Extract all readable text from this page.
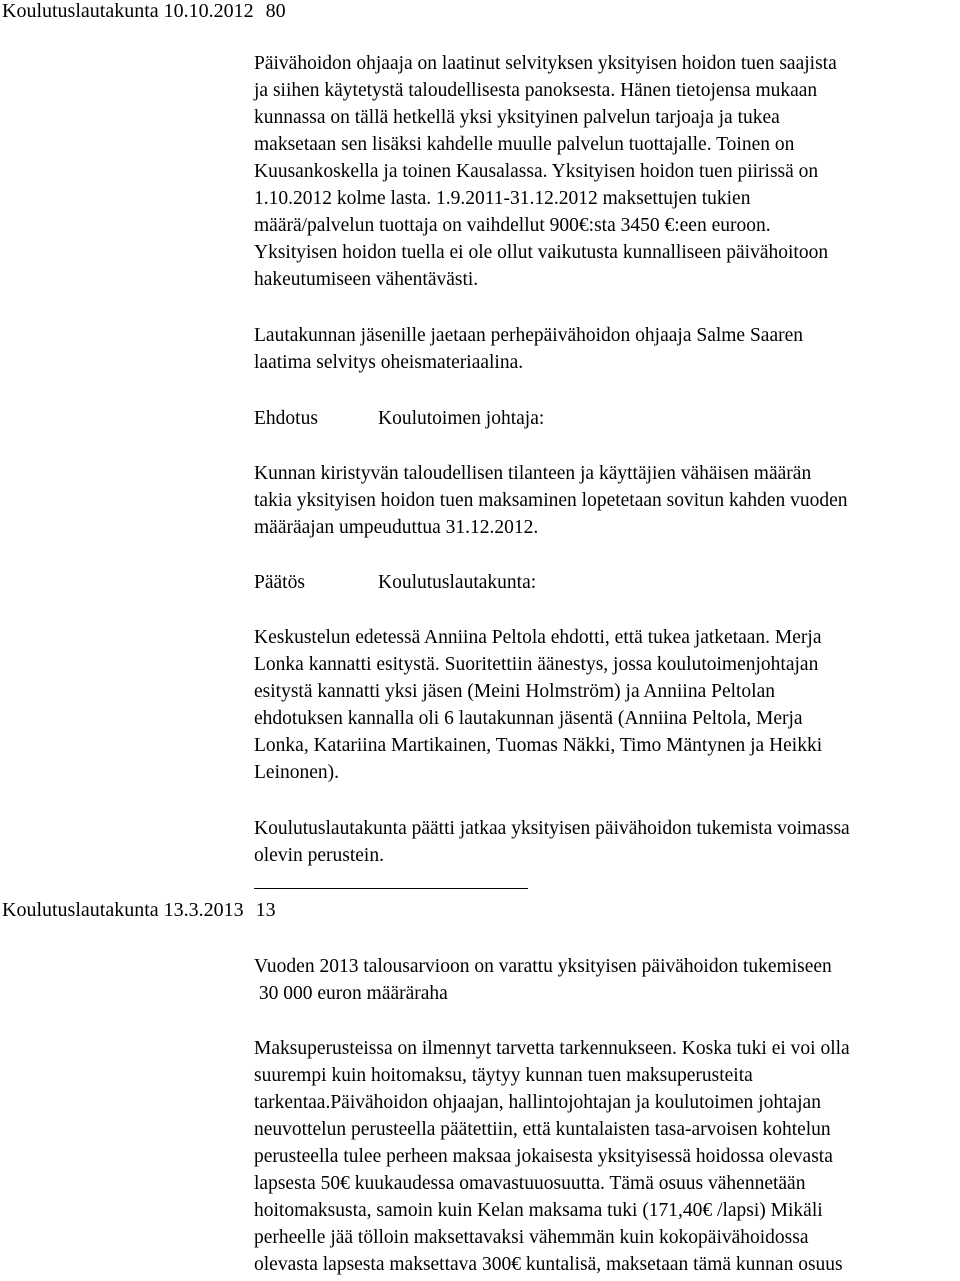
Koulutuslautakunta 10.10.2012 80
Päivähoidon ohjaaja on laatinut selvityksen yksityisen hoidon tuen saajista
ja siihen käytetystä taloudellisesta panoksesta. Hänen tietojensa mukaan
kunnassa on tällä hetkellä yksi yksityinen palvelun tarjoaja ja tukea
maksetaan sen lisäksi kahdelle muulle palvelun tuottajalle. Toinen on
Kuusankoskella ja toinen Kausalassa. Yksityisen hoidon tuen piirissä on
1.10.2012 kolme lasta. 1.9.2011-31.12.2012 maksettujen tukien
määrä/palvelun tuottaja on vaihdellut 900€:sta 3450 €:een euroon.
Yksityisen hoidon tuella ei ole ollut vaikutusta kunnalliseen päivähoitoon
hakeutumiseen vähentävästi.
Lautakunnan jäsenille jaetaan perhepäivähoidon ohjaaja Salme Saaren
laatima selvitys oheismateriaalina.
Ehdotus	Koulutoimen johtaja:
Kunnan kiristyvän taloudellisen tilanteen ja käyttäjien vähäisen määrän
takia yksityisen hoidon tuen maksaminen lopetetaan sovitun kahden vuoden
määräajan umpeuduttua 31.12.2012.
Päätös	Koulutuslautakunta:
Keskustelun edetessä Anniina Peltola ehdotti, että tukea jatketaan. Merja
Lonka kannatti esitystä. Suoritettiin äänestys, jossa koulutoimenjohtajan
esitystä kannatti yksi jäsen (Meini Holmström) ja Anniina Peltolan
ehdotuksen kannalla oli 6 lautakunnan jäsentä (Anniina Peltola, Merja
Lonka, Katariina Martikainen, Tuomas Näkki, Timo Mäntynen ja Heikki
Leinonen).
Koulutuslautakunta päätti jatkaa yksityisen päivähoidon tukemista voimassa
olevin perustein.
Koulutuslautakunta 13.3.2013 13
Vuoden 2013 talousarvioon on varattu yksityisen päivähoidon tukemiseen
30 000 euron määräraha
Maksuperusteissa on ilmennyt tarvetta tarkennukseen. Koska tuki ei voi olla
suurempi kuin hoitomaksu, täytyy kunnan tuen maksuperusteita
tarkentaa.Päivähoidon ohjaajan, hallintojohtajan ja koulutoimen johtajan
neuvottelun perusteella päätettiin, että kuntalaisten tasa-arvoisen kohtelun
perusteella tulee perheen maksaa jokaisesta yksityisessä hoidossa olevasta
lapsesta 50€ kuukaudessa omavastuuosuutta. Tämä osuus vähennetään
hoitomaksusta, samoin kuin Kelan maksama tuki (171,40€ /lapsi) Mikäli
perheelle jää tölloin maksettavaksi vähemmän kuin kokopäivähoidossa
olevasta lapsesta maksettava 300€ kuntalisä, maksetaan tämä kunnan osuus
